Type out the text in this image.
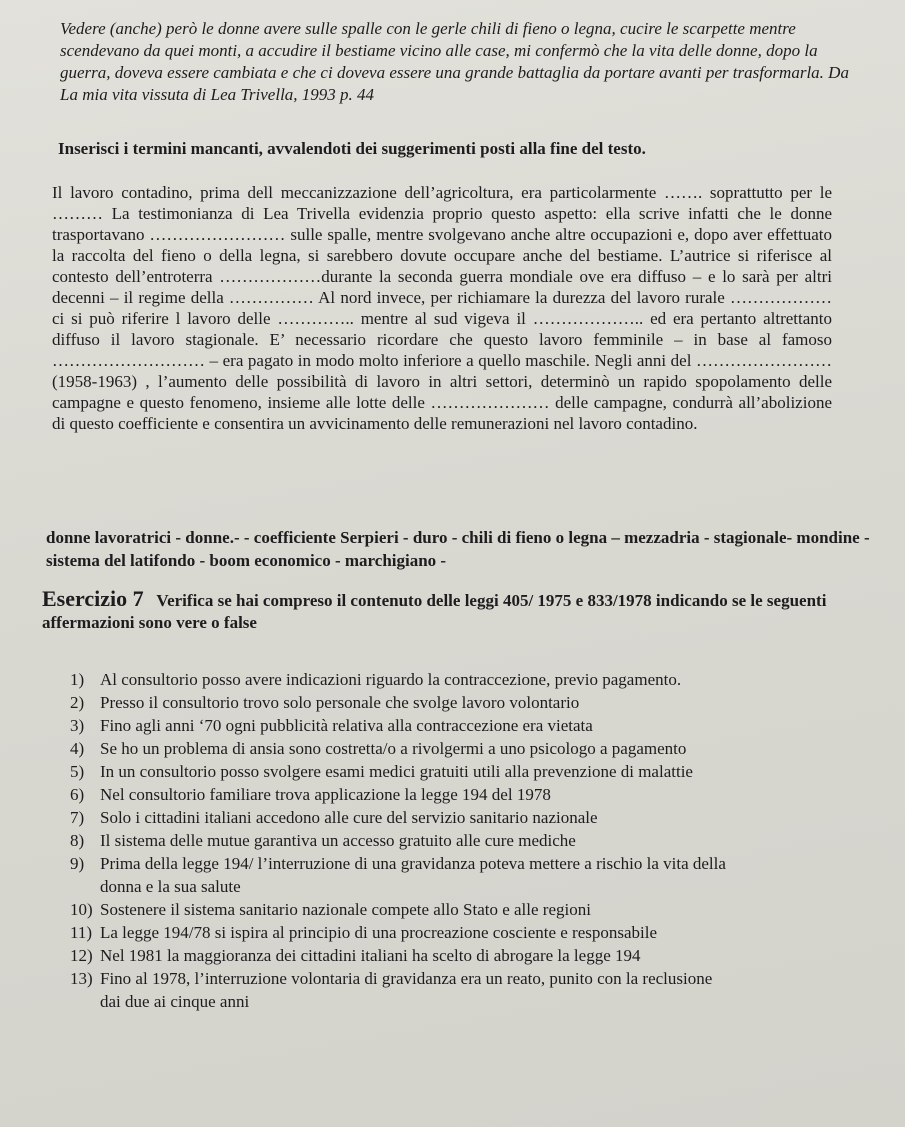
Vedere (anche) però le donne avere sulle spalle con le gerle chili di fieno o legna, cucire le scarpette mentre scendevano da quei monti, a accudire il bestiame vicino alle case, mi confermò che la vita delle donne, dopo la guerra, doveva essere cambiata e che ci doveva essere una grande battaglia da portare avanti per trasformarla. Da La mia vita vissuta di Lea Trivella, 1993 p. 44
Inserisci i termini mancanti, avvalendoti dei suggerimenti posti alla fine del testo.
Il lavoro contadino, prima dell meccanizzazione dell’agricoltura, era particolarmente ……. soprattutto per le ……… La testimonianza di Lea Trivella evidenzia proprio questo aspetto: ella scrive infatti che le donne trasportavano …………………… sulle spalle, mentre svolgevano anche altre occupazioni e, dopo aver effettuato la raccolta del fieno o della legna, si sarebbero dovute occupare anche del bestiame. L’autrice si riferisce al contesto dell’entroterra ………………durante la seconda guerra mondiale ove era diffuso – e lo sarà per altri decenni – il regime della …………… Al nord invece, per richiamare la durezza del lavoro rurale ……………… ci si può riferire l lavoro delle ………….. mentre al sud vigeva il ……………….. ed era pertanto altrettanto diffuso il lavoro stagionale. E’ necessario ricordare che questo lavoro femminile – in base al famoso ……………………… – era pagato in modo molto inferiore a quello maschile. Negli anni del ……………………(1958-1963) , l’aumento delle possibilità di lavoro in altri settori, determinò un rapido spopolamento delle campagne e questo fenomeno, insieme alle lotte delle ………………… delle campagne, condurrà all’abolizione di questo coefficiente e consentira un avvicinamento delle remunerazioni nel lavoro contadino.
donne lavoratrici - donne.- - coefficiente Serpieri - duro - chili di fieno o legna – mezzadria - stagionale- mondine - sistema del latifondo - boom economico - marchigiano -
Esercizio 7 Verifica se hai compreso il contenuto delle leggi 405/ 1975 e 833/1978 indicando se le seguenti affermazioni sono vere o false
1) Al consultorio posso avere indicazioni riguardo la contraccezione, previo pagamento.
2) Presso il consultorio trovo solo personale che svolge lavoro volontario
3) Fino agli anni ‘70 ogni pubblicità relativa alla contraccezione era vietata
4) Se ho un problema di ansia sono costretta/o a rivolgermi a uno psicologo a pagamento
5) In un consultorio posso svolgere esami medici gratuiti utili alla prevenzione di malattie
6) Nel consultorio familiare trova applicazione la legge 194 del 1978
7) Solo i cittadini italiani accedono alle cure del servizio sanitario nazionale
8) Il sistema delle mutue garantiva un accesso gratuito alle cure mediche
9) Prima della legge 194/ l’interruzione di una gravidanza poteva mettere a rischio la vita della
donna e la sua salute
10) Sostenere il sistema sanitario nazionale compete allo Stato e alle regioni
11) La legge 194/78 si ispira al principio di una procreazione cosciente e responsabile
12) Nel 1981 la maggioranza dei cittadini italiani ha scelto di abrogare la legge 194
13) Fino al 1978, l’interruzione volontaria di gravidanza era un reato, punito con la reclusione
dai due ai cinque anni
